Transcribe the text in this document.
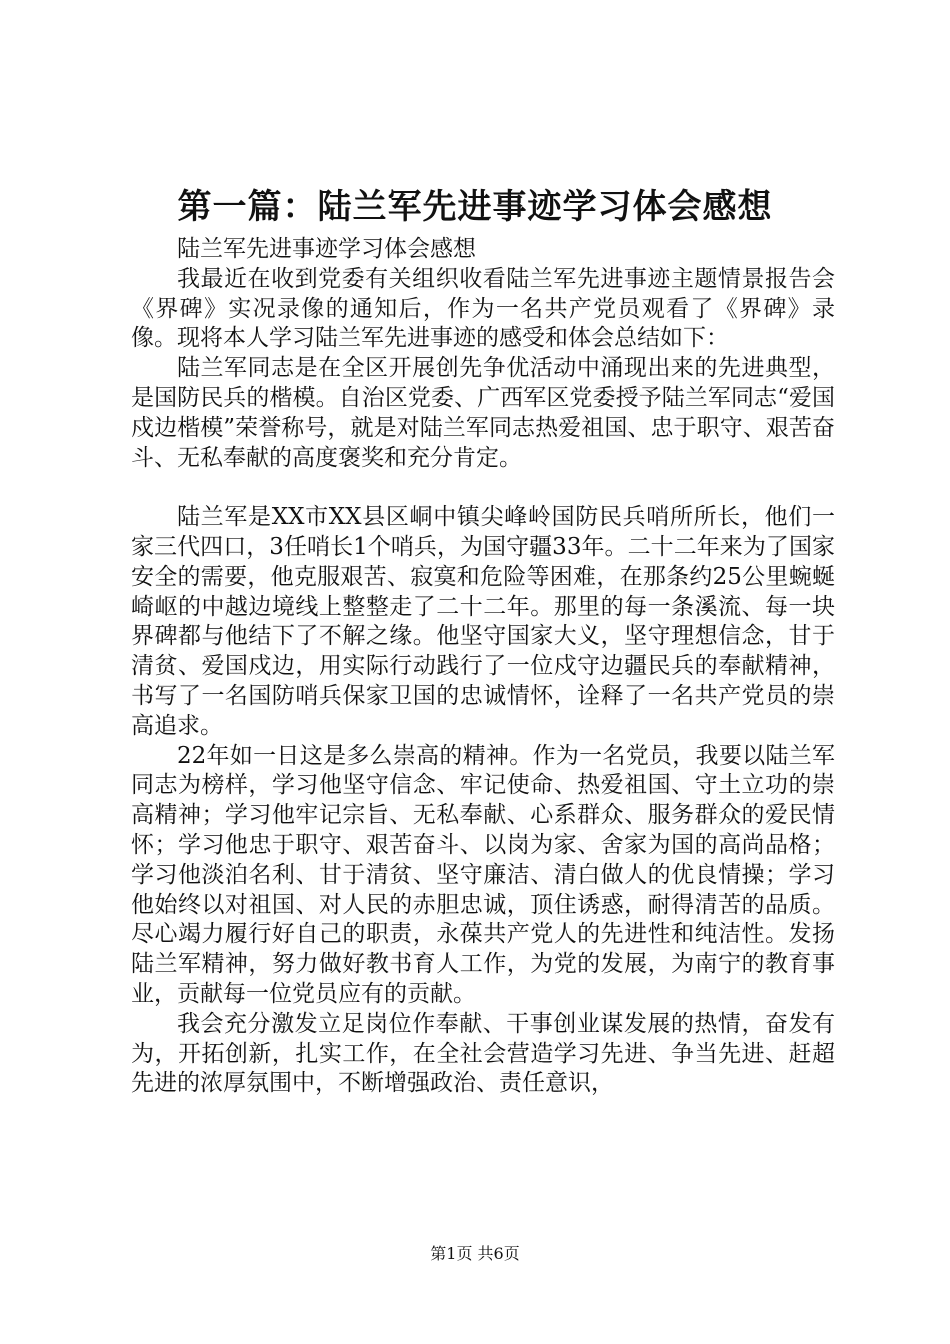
第一篇：陆兰军先进事迹学习体会感想

陆兰军先进事迹学习体会感想

我最近在收到党委有关组织收看陆兰军先进事迹主题情景报告会《界碑》实况录像的通知后，作为一名共产党员观看了《界碑》录像。现将本人学习陆兰军先进事迹的感受和体会总结如下：

陆兰军同志是在全区开展创先争优活动中涌现出来的先进典型，是国防民兵的楷模。自治区党委、广西军区党委授予陆兰军同志“爱国戍边楷模”荣誉称号，就是对陆兰军同志热爱祖国、忠于职守、艰苦奋斗、无私奉献的高度褒奖和充分肯定。

陆兰军是XX市XX县区峒中镇尖峰岭国防民兵哨所所长，他们一家三代四口，3任哨长1个哨兵，为国守疆33年。二十二年来为了国家安全的需要，他克服艰苦、寂寞和危险等困难，在那条约25公里蜿蜒崎岖的中越边境线上整整走了二十二年。那里的每一条溪流、每一块界碑都与他结下了不解之缘。他坚守国家大义，坚守理想信念，甘于清贫、爱国戍边，用实际行动践行了一位戍守边疆民兵的奉献精神，书写了一名国防哨兵保家卫国的忠诚情怀，诠释了一名共产党员的崇高追求。

22年如一日这是多么崇高的精神。作为一名党员，我要以陆兰军同志为榜样，学习他坚守信念、牢记使命、热爱祖国、守土立功的崇高精神；学习他牢记宗旨、无私奉献、心系群众、服务群众的爱民情怀；学习他忠于职守、艰苦奋斗、以岗为家、舍家为国的高尚品格；学习他淡泊名利、甘于清贫、坚守廉洁、清白做人的优良情操；学习他始终以对祖国、对人民的赤胆忠诚，顶住诱惑，耐得清苦的品质。尽心竭力履行好自己的职责，永葆共产党人的先进性和纯洁性。发扬陆兰军精神，努力做好教书育人工作，为党的发展，为南宁的教育事业，贡献每一位党员应有的贡献。

我会充分激发立足岗位作奉献、干事创业谋发展的热情，奋发有为，开拓创新，扎实工作，在全社会营造学习先进、争当先进、赶超先进的浓厚氛围中，不断增强政治、责任意识，

第1页 共6页
